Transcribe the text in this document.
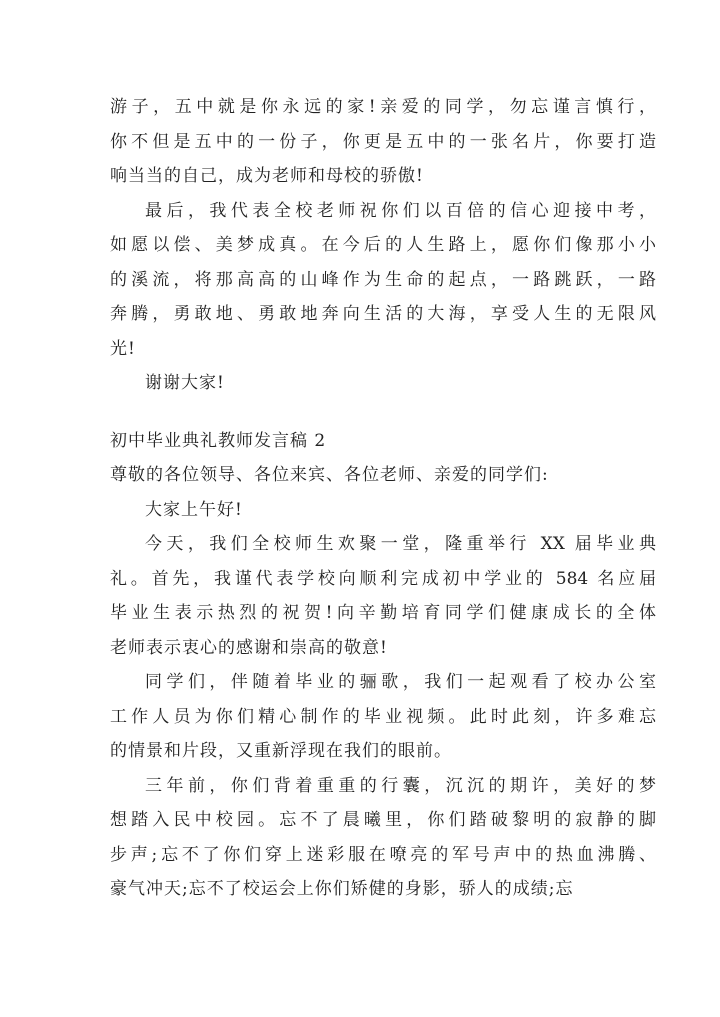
游子，五中就是你永远的家!亲爱的同学，勿忘谨言慎行，
你不但是五中的一份子，你更是五中的一张名片，你要打造
响当当的自己，成为老师和母校的骄傲!
最后，我代表全校老师祝你们以百倍的信心迎接中考，
如愿以偿、美梦成真。在今后的人生路上，愿你们像那小小
的溪流，将那高高的山峰作为生命的起点，一路跳跃，一路
奔腾，勇敢地、勇敢地奔向生活的大海，享受人生的无限风
光!
谢谢大家!
初中毕业典礼教师发言稿 2
尊敬的各位领导、各位来宾、各位老师、亲爱的同学们:
大家上午好!
今天，我们全校师生欢聚一堂，隆重举行 XX 届毕业典
礼。首先，我谨代表学校向顺利完成初中学业的 584 名应届
毕业生表示热烈的祝贺!向辛勤培育同学们健康成长的全体
老师表示衷心的感谢和崇高的敬意!
同学们，伴随着毕业的骊歌，我们一起观看了校办公室
工作人员为你们精心制作的毕业视频。此时此刻，许多难忘
的情景和片段，又重新浮现在我们的眼前。
三年前，你们背着重重的行囊，沉沉的期许，美好的梦
想踏入民中校园。忘不了晨曦里，你们踏破黎明的寂静的脚
步声;忘不了你们穿上迷彩服在嘹亮的军号声中的热血沸腾、
豪气冲天;忘不了校运会上你们矫健的身影，骄人的成绩;忘
